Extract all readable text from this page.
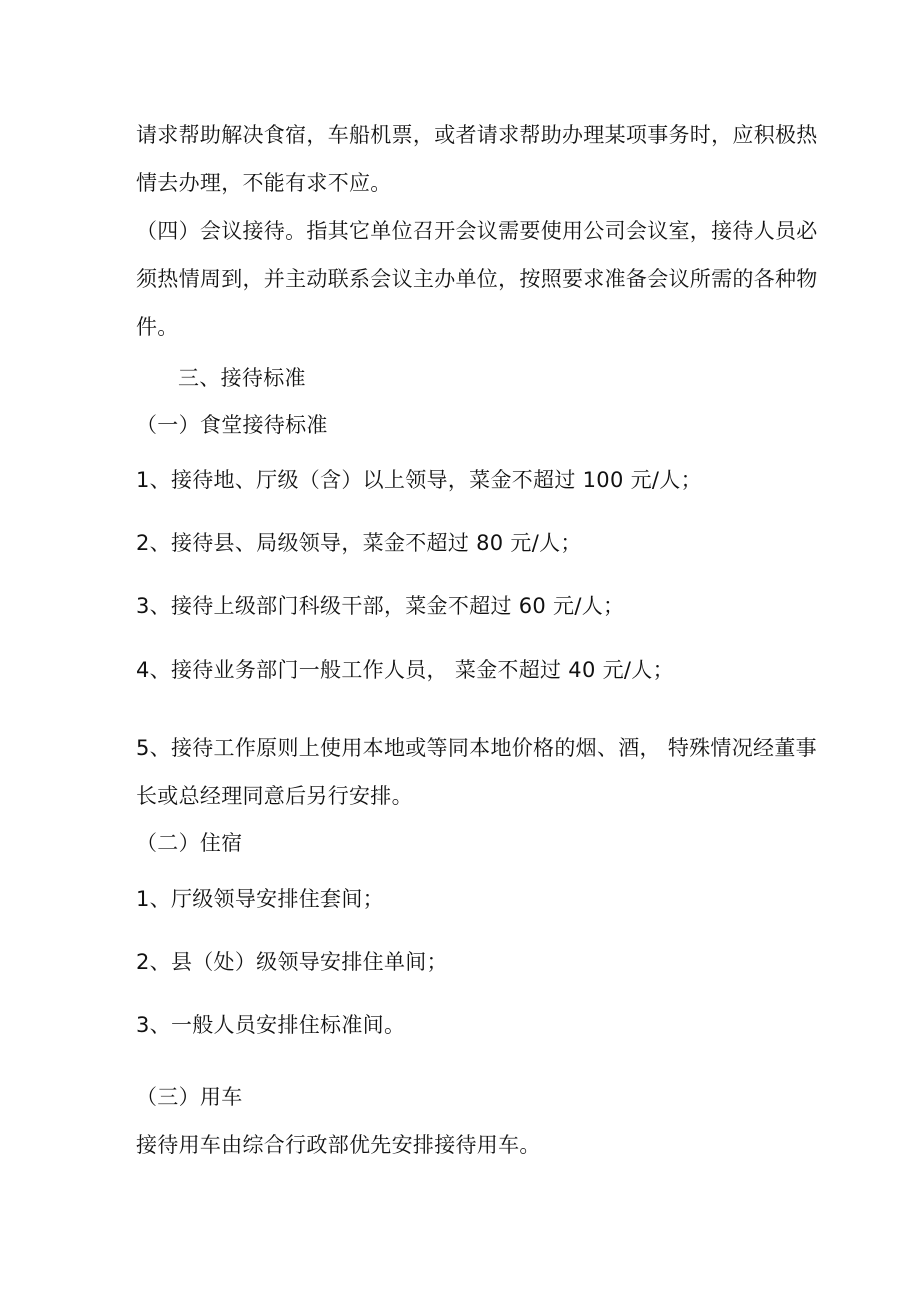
请求帮助解决食宿，车船机票，或者请求帮助办理某项事务时，应积极热

情去办理，不能有求不应。

（四）会议接待。指其它单位召开会议需要使用公司会议室，接待人员必

须热情周到，并主动联系会议主办单位，按照要求准备会议所需的各种物

件。

三、接待标准

（一）食堂接待标准

1、接待地、厅级（含）以上领导，菜金不超过 100 元/人；

2、接待县、局级领导，菜金不超过 80 元/人；

3、接待上级部门科级干部，菜金不超过 60 元/人；

4、接待业务部门一般工作人员， 菜金不超过 40 元/人；

5、接待工作原则上使用本地或等同本地价格的烟、酒， 特殊情况经董事

长或总经理同意后另行安排。

（二）住宿

1、厅级领导安排住套间；

2、县（处）级领导安排住单间；

3、一般人员安排住标准间。

（三）用车

接待用车由综合行政部优先安排接待用车。
